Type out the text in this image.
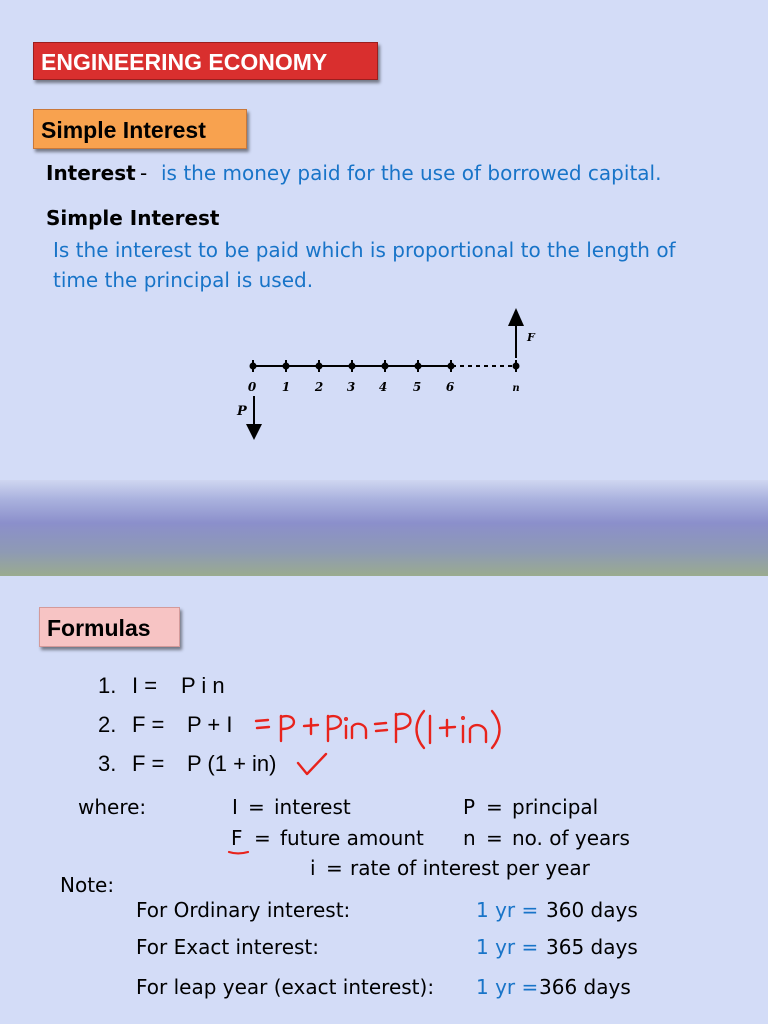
ENGINEERING ECONOMY
Simple Interest
Interest - is the money paid for the use of borrowed capital.
Simple Interest
Is the interest to be paid which is proportional to the length of
time the principal is used.
0 1 2 3 4 5 6	n
P
F
Formulas
1. I = P i n
2. F = P + I
3. F = P (1 + in)
where:	I = interest	P = principal
F = future amount n = no. of years
i = rate of interest per year
Note:
For Ordinary interest:	1 yr = 360 days
For Exact interest:	1 yr = 365 days
For leap year (exact interest): 1 yr = 366 days
